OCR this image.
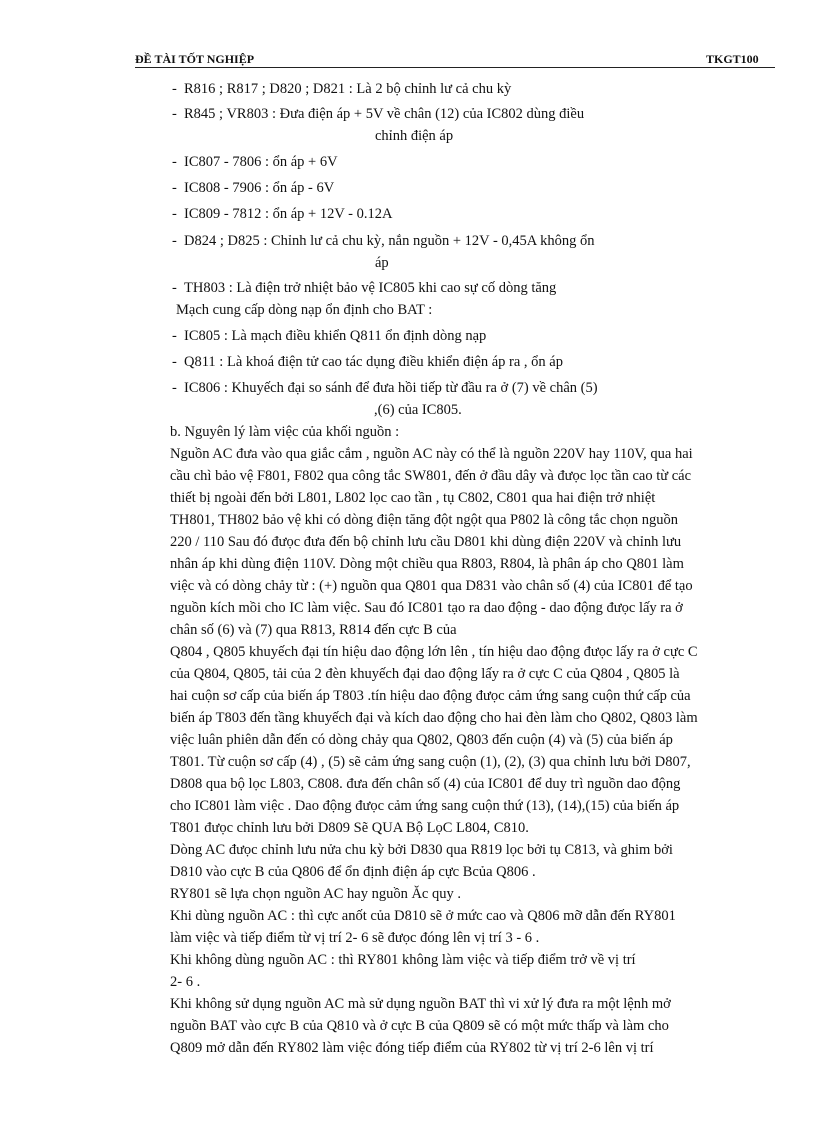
ĐỀ TÀI TỐT NGHIỆP	TKGT100
- R816 ; R817 ; D820 ; D821 : Là 2 bộ chỉnh lư cả chu kỳ
- R845 ; VR803 : Đưa điện áp + 5V về chân (12) của IC802 dùng điều
chỉnh điện áp
- IC807 - 7806 : ổn áp + 6V
- IC808 - 7906 : ổn áp - 6V
- IC809 - 7812 : ổn áp + 12V - 0.12A
- D824 ; D825 : Chỉnh lư cả chu kỳ, nắn nguồn + 12V - 0,45A không ổn
áp
- TH803 : Là điện trở nhiệt bảo vệ IC805 khi cao sự cố dòng tăng
Mạch cung cấp dòng nạp ổn định cho BAT :
- IC805 : Là mạch điều khiển Q811 ổn định dòng nạp
- Q811 : Là khoá điện tử cao tác dụng điều khiển điện áp ra , ổn áp
- IC806 : Khuyếch đại so sánh để đưa hồi tiếp từ đầu ra ở (7) về chân (5)
,(6) của IC805.
b. Nguyên lý làm việc của khối nguồn :
Nguồn AC đưa vào qua giắc cắm , nguồn AC này có thể là nguồn 220V hay 110V, qua hai
cầu chì bảo vệ F801, F802 qua công tắc SW801, đến ở đầu dây và đưọc lọc tần cao từ các
thiết bị ngoài đến bởi L801, L802 lọc cao tần , tụ C802, C801 qua hai điện trở nhiệt
TH801, TH802 bảo vệ khi có dòng điện tăng đột ngột qua P802 là công tắc chọn nguồn
220 / 110 Sau đó đưọc đưa đến bộ chỉnh lưu cầu D801 khi dùng điện 220V và chỉnh lưu
nhân áp khi dùng điện 110V. Dòng một chiều qua R803, R804, là phân áp cho Q801 làm
việc và có dòng chảy từ : (+) nguồn qua Q801 qua D831 vào chân số (4) của IC801 để tạo
nguồn kích mồi cho IC làm việc. Sau đó IC801 tạo ra dao động - dao động đưọc lấy ra ở
chân số (6) và (7) qua R813, R814 đến cực B của
Q804 , Q805 khuyếch đại tín hiệu dao động lớn lên , tín hiệu dao động đưọc lấy ra ở cực C
của Q804, Q805, tải của 2 đèn khuyếch đại dao động lấy ra ở cực C của Q804 , Q805 là
hai cuộn sơ cấp của biến áp T803 .tín hiệu dao động đưọc cảm ứng sang cuộn thứ cấp của
biến áp T803 đến tầng khuyếch đại và kích dao động cho hai đèn làm cho Q802, Q803 làm
việc luân phiên dẫn đến có dòng chảy qua Q802, Q803 đến cuộn (4) và (5) của biến áp
T801. Từ cuộn sơ cấp (4) , (5) sẽ cảm ứng sang cuộn (1), (2), (3) qua chỉnh lưu bởi D807,
D808 qua bộ lọc L803, C808. đưa đến chân số (4) của IC801 để duy trì nguồn dao động
cho IC801 làm việc . Dao động đưọc cảm ứng sang cuộn thứ (13), (14),(15) của biến áp
T801 đưọc chỉnh lưu bởi D809 Sẽ QUA Bộ LọC L804, C810.
Dòng AC đưọc chỉnh lưu nửa chu kỳ bởi D830 qua R819 lọc bởi tụ C813, và ghim bởi
D810 vào cực B của Q806 để ổn định điện áp cực Bcủa Q806 .
RY801 sẽ lựa chọn nguồn AC hay nguồn Ăc quy .
Khi dùng nguồn AC : thì cực anốt của D810 sẽ ở mức cao và Q806 mỡ dẫn đến RY801
làm việc và tiếp điểm từ vị trí 2- 6 sẽ đưọc đóng lên vị trí 3 - 6 .
Khi không dùng nguồn AC : thì RY801 không làm việc và tiếp điểm trở về vị trí
2- 6 .
Khi không sử dụng nguồn AC mà sử dụng nguồn BAT thì vi xử lý đưa ra một lệnh mở
nguồn BAT vào cực B của Q810 và ở cực B của Q809 sẽ có một mức thấp và làm cho
Q809 mở dẫn đến RY802 làm việc đóng tiếp điểm của RY802 từ vị trí 2-6 lên vị trí
